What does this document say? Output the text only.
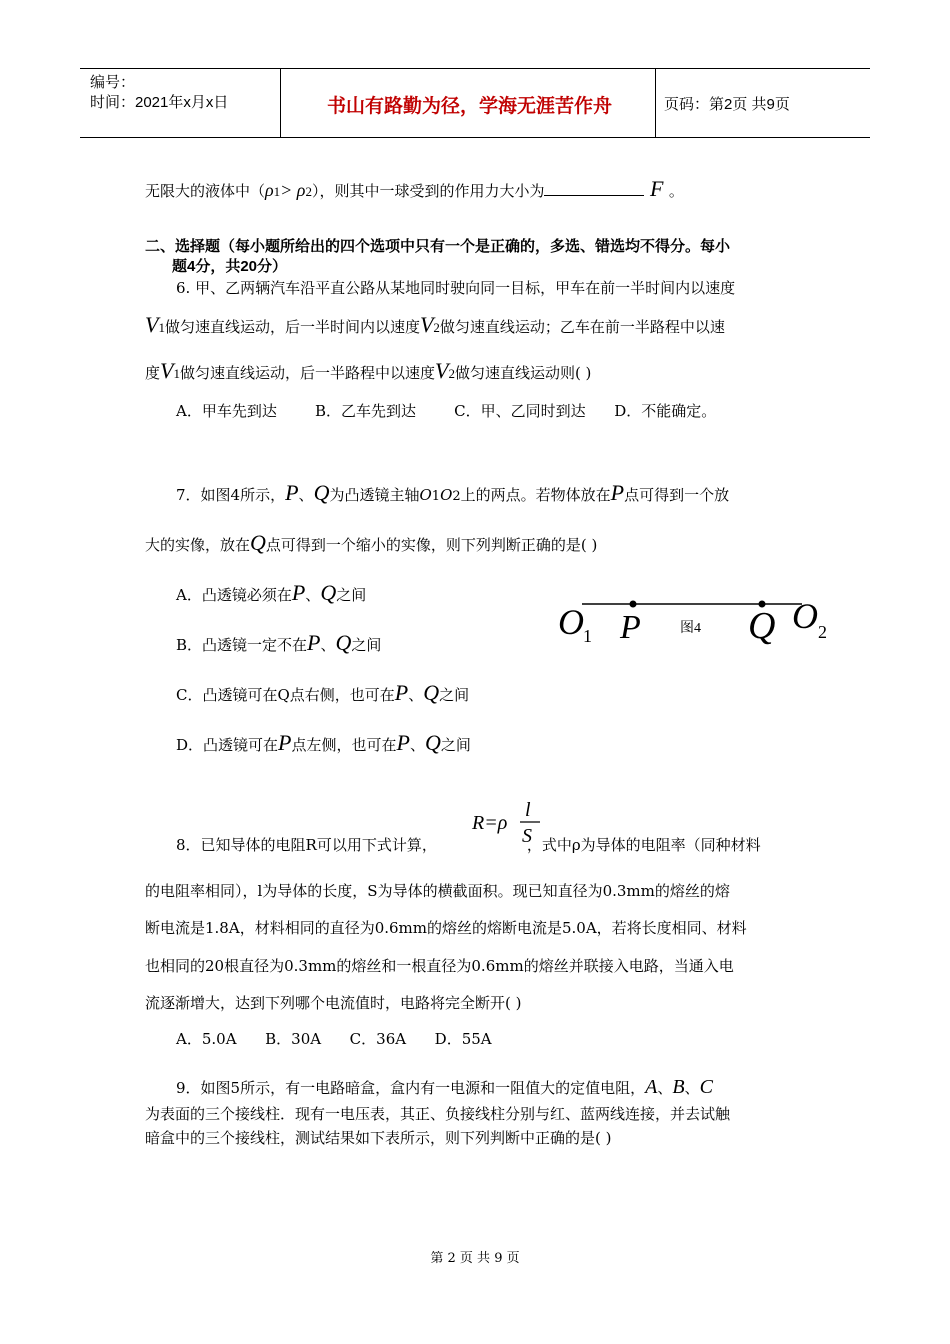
编号：
时间：2021年x月x日	书山有路勤为径，学海无涯苦作舟	页码：第2页 共9页
无限大的液体中（ρ1> ρ2），则其中一球受到的作用力大小为	F 。
二、选择题（每小题所给出的四个选项中只有一个是正确的，多选、错选均不得分。每小
题4分，共20分）
6. 甲、乙两辆汽车沿平直公路从某地同时驶向同一目标，甲车在前一半时间内以速度
V1做匀速直线运动，后一半时间内以速度V2做匀速直线运动；乙车在前一半路程中以速
度V1做匀速直线运动，后一半路程中以速度V2做匀速直线运动则( )
A．甲车先到达        B．乙车先到达        C．甲、乙同时到达      D．不能确定。
7．如图4所示，P、Q为凸透镜主轴O1O2上的两点。若物体放在P点可得到一个放
大的实像，放在Q点可得到一个缩小的实像，则下列判断正确的是( )
A．凸透镜必须在P、Q之间
B．凸透镜一定不在P、Q之间
C．凸透镜可在Q点右侧，也可在P、Q之间
D．凸透镜可在P点左侧，也可在P、Q之间
O 1 P	图4 Q O 2
R=ρ
l
S
8．已知导体的电阻R可以用下式计算，	，式中ρ为导体的电阻率（同种材料
的电阻率相同），l为导体的长度，S为导体的横截面积。现已知直径为0.3mm的熔丝的熔
断电流是1.8A，材料相同的直径为0.6mm的熔丝的熔断电流是5.0A，若将长度相同、材料
也相同的20根直径为0.3mm的熔丝和一根直径为0.6mm的熔丝并联接入电路，当通入电
流逐渐增大，达到下列哪个电流值时，电路将完全断开( )
A．5.0A      B．30A      C．36A      D．55A
9．如图5所示，有一电路暗盒，盒内有一电源和一阻值大的定值电阻，A、B、C
为表面的三个接线柱．现有一电压表，其正、负接线柱分别与红、蓝两线连接，并去试触
暗盒中的三个接线柱，测试结果如下表所示，则下列判断中正确的是( )
第 2 页 共 9 页
